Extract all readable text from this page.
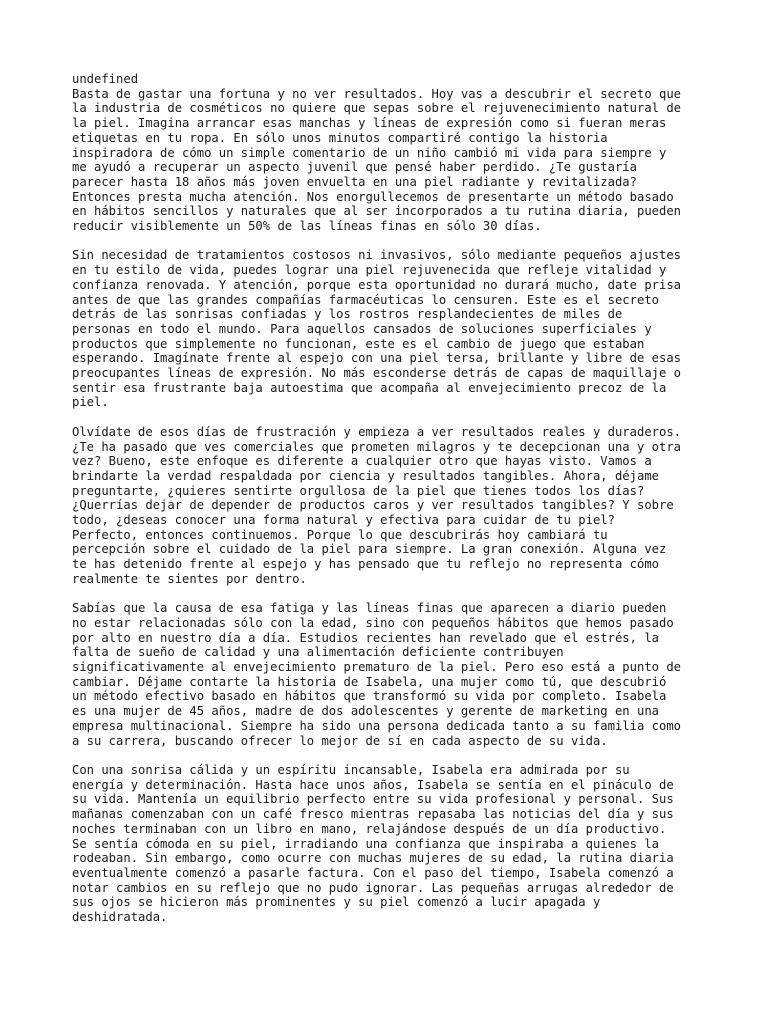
undefined

Basta de gastar una fortuna y no ver resultados. Hoy vas a descubrir el secreto que
la industria de cosméticos no quiere que sepas sobre el rejuvenecimiento natural de
la piel. Imagina arrancar esas manchas y líneas de expresión como si fueran meras
etiquetas en tu ropa. En sólo unos minutos compartiré contigo la historia
inspiradora de cómo un simple comentario de un niño cambió mi vida para siempre y
me ayudó a recuperar un aspecto juvenil que pensé haber perdido. ¿Te gustaría
parecer hasta 18 años más joven envuelta en una piel radiante y revitalizada?
Entonces presta mucha atención. Nos enorgullecemos de presentarte un método basado
en hábitos sencillos y naturales que al ser incorporados a tu rutina diaria, pueden
reducir visiblemente un 50% de las líneas finas en sólo 30 días.

Sin necesidad de tratamientos costosos ni invasivos, sólo mediante pequeños ajustes
en tu estilo de vida, puedes lograr una piel rejuvenecida que refleje vitalidad y
confianza renovada. Y atención, porque esta oportunidad no durará mucho, date prisa
antes de que las grandes compañías farmacéuticas lo censuren. Este es el secreto
detrás de las sonrisas confiadas y los rostros resplandecientes de miles de
personas en todo el mundo. Para aquellos cansados de soluciones superficiales y
productos que simplemente no funcionan, este es el cambio de juego que estaban
esperando. Imagínate frente al espejo con una piel tersa, brillante y libre de esas
preocupantes líneas de expresión. No más esconderse detrás de capas de maquillaje o
sentir esa frustrante baja autoestima que acompaña al envejecimiento precoz de la
piel.

Olvídate de esos días de frustración y empieza a ver resultados reales y duraderos.
¿Te ha pasado que ves comerciales que prometen milagros y te decepcionan una y otra
vez? Bueno, este enfoque es diferente a cualquier otro que hayas visto. Vamos a
brindarte la verdad respaldada por ciencia y resultados tangibles. Ahora, déjame
preguntarte, ¿quieres sentirte orgullosa de la piel que tienes todos los días?
¿Querrías dejar de depender de productos caros y ver resultados tangibles? Y sobre
todo, ¿deseas conocer una forma natural y efectiva para cuidar de tu piel?
Perfecto, entonces continuemos. Porque lo que descubrirás hoy cambiará tu
percepción sobre el cuidado de la piel para siempre. La gran conexión. Alguna vez
te has detenido frente al espejo y has pensado que tu reflejo no representa cómo
realmente te sientes por dentro.

Sabías que la causa de esa fatiga y las líneas finas que aparecen a diario pueden
no estar relacionadas sólo con la edad, sino con pequeños hábitos que hemos pasado
por alto en nuestro día a día. Estudios recientes han revelado que el estrés, la
falta de sueño de calidad y una alimentación deficiente contribuyen
significativamente al envejecimiento prematuro de la piel. Pero eso está a punto de
cambiar. Déjame contarte la historia de Isabela, una mujer como tú, que descubrió
un método efectivo basado en hábitos que transformó su vida por completo. Isabela
es una mujer de 45 años, madre de dos adolescentes y gerente de marketing en una
empresa multinacional. Siempre ha sido una persona dedicada tanto a su familia como
a su carrera, buscando ofrecer lo mejor de sí en cada aspecto de su vida.

Con una sonrisa cálida y un espíritu incansable, Isabela era admirada por su
energía y determinación. Hasta hace unos años, Isabela se sentía en el pináculo de
su vida. Mantenía un equilibrio perfecto entre su vida profesional y personal. Sus
mañanas comenzaban con un café fresco mientras repasaba las noticias del día y sus
noches terminaban con un libro en mano, relajándose después de un día productivo.
Se sentía cómoda en su piel, irradiando una confianza que inspiraba a quienes la
rodeaban. Sin embargo, como ocurre con muchas mujeres de su edad, la rutina diaria
eventualmente comenzó a pasarle factura. Con el paso del tiempo, Isabela comenzó a
notar cambios en su reflejo que no pudo ignorar. Las pequeñas arrugas alrededor de
sus ojos se hicieron más prominentes y su piel comenzó a lucir apagada y
deshidratada.
